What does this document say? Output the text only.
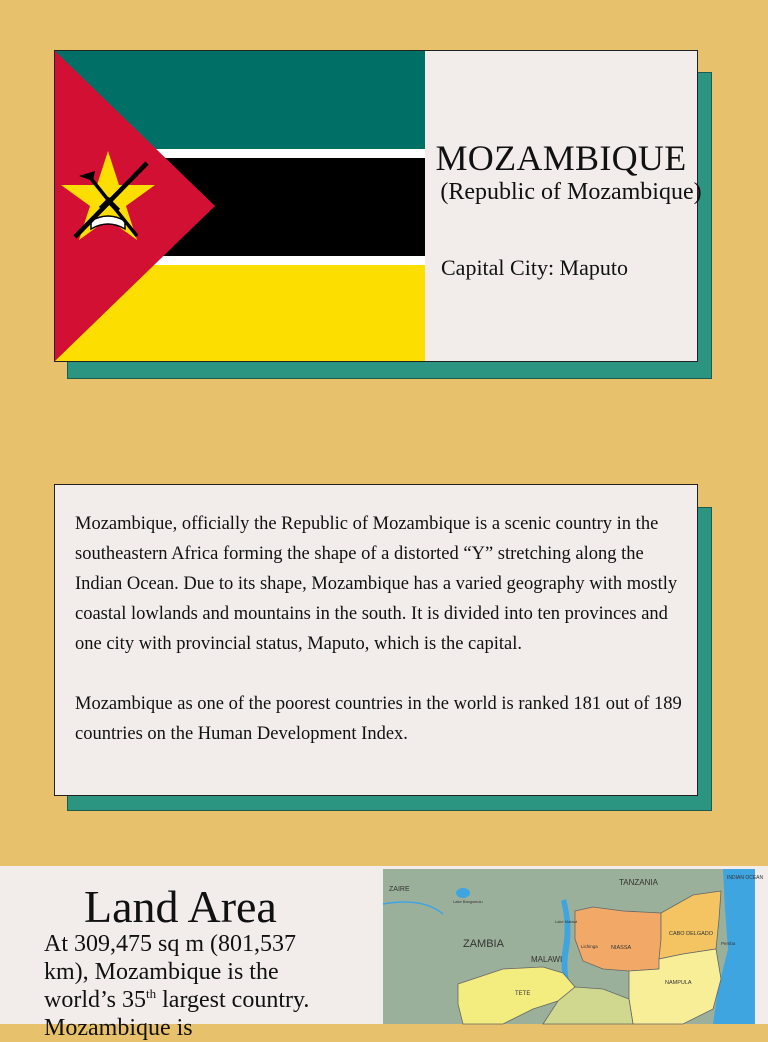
MOZAMBIQUE
(Republic of Mozambique)
Capital City: Maputo

Mozambique, officially the Republic of Mozambique is a scenic country in the southeastern Africa forming the shape of a distorted “Y” stretching along the Indian Ocean. Due to its shape, Mozambique has a varied geography with mostly coastal lowlands and mountains in the south. It is divided into ten provinces and one city with provincial status, Maputo, which is the capital.

Mozambique as one of the poorest countries in the world is ranked 181 out of 189 countries on the Human Development Index.

Land Area
At 309,475 sq m (801,537 km), Mozambique is the world’s 35th largest country. Mozambique is
ZAIRE
TANZANIA	INDIAN OCEAN
ZAMBIA
MALAWI
CABO DELGADO
NIASSA
NAMPULA
TETE
Lichinga
Pemba
Lake Bangweulu
Lake Malawi
